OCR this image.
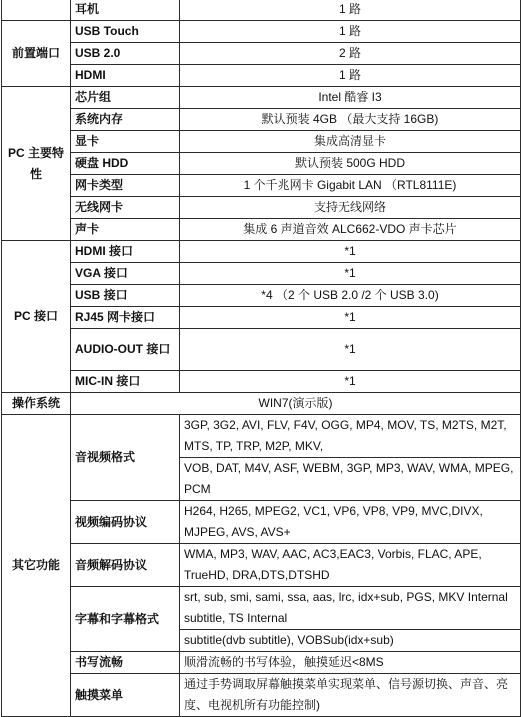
	耳机	1 路
前置端口	USB Touch	1 路
	USB 2.0	2 路
	HDMI	1 路
PC 主要特性	芯片组	Intel 酷睿 I3
	系统内存	默认预装 4GB （最大支持 16GB)
	显卡	集成高清显卡
	硬盘 HDD	默认预装 500G HDD
	网卡类型	1 个千兆网卡 Gigabit LAN （RTL8111E)
	无线网卡	支持无线网络
	声卡	集成 6 声道音效 ALC662-VDO 声卡芯片
PC 接口	HDMI 接口	*1
	VGA 接口	*1
	USB 接口	*4 （2 个 USB 2.0 /2 个 USB 3.0)
	RJ45 网卡接口	*1
	AUDIO-OUT 接口	*1
	MIC-IN 接口	*1
操作系统	WIN7(演示版)	
其它功能	音视频格式	3GP, 3G2, AVI, FLV, F4V, OGG, MP4, MOV, TS, M2TS, M2T, MTS, TP, TRP, M2P, MKV,
		VOB, DAT, M4V, ASF, WEBM, 3GP, MP3, WAV, WMA, MPEG, PCM
	视频编码协议	H264, H265, MPEG2, VC1, VP6, VP8, VP9, MVC,DIVX, MJPEG, AVS, AVS+
	音频解码协议	WMA, MP3, WAV, AAC, AC3,EAC3, Vorbis, FLAC, APE, TrueHD, DRA,DTS,DTSHD
	字幕和字幕格式	srt, sub, smi, sami, ssa, aas, lrc, idx+sub, PGS, MKV Internal subtitle, TS Internal
		subtitle(dvb subtitle), VOBSub(idx+sub)
	书写流畅	顺滑流畅的书写体验，触摸延迟<8MS
	触摸菜单	通过手势调取屏幕触摸菜单实现菜单、信号源切换、声音、亮度、电视机所有功能控制)
